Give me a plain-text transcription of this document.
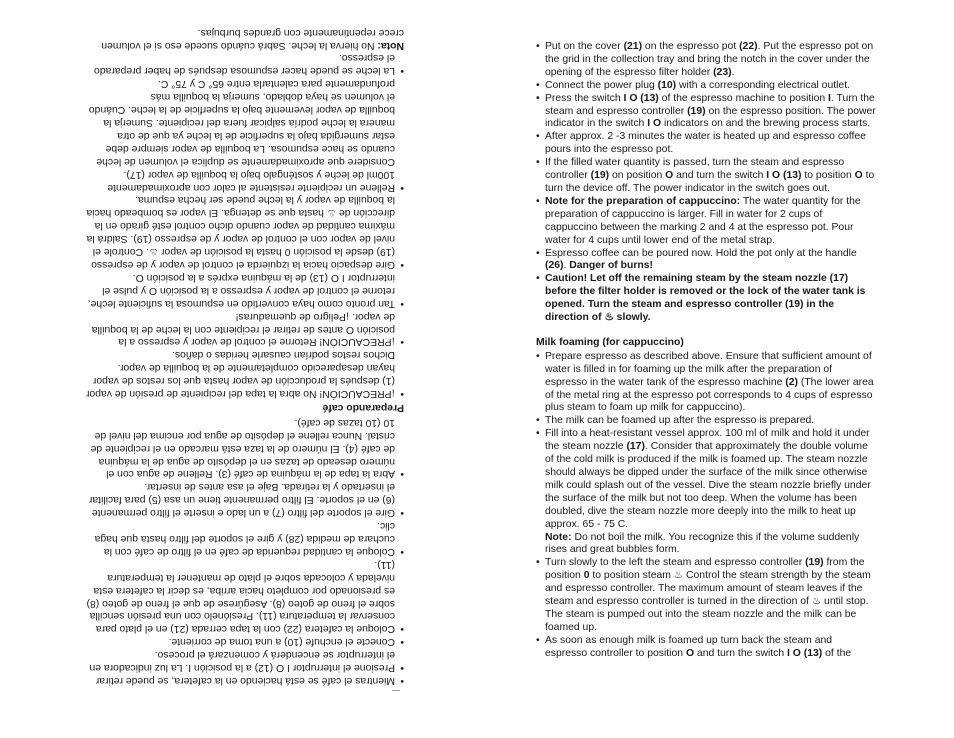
• Mientras el café se está haciendo en la cafetera, se puede retirar
• Presione el interruptor I O (12) a la posición I. La luz indicadora en el interruptor se encenderá y comenzará el proceso.
• Conecte el enchufe (10) a una toma de corriente.
• Coloque la cafetera (22) con la tapa cerrada (21) en el plato para conservar la temperatura (11). Presiónelo con una presión sencilla sobre el freno de goteo (8). Asegúrese de que el freno de goteo (8) es presionado por completo hacia arriba, es decir la cafetera esta nivelada y colocada sobre el plato de mantener la temperatura (11).
• Coloque la cantidad requerida de café en el filtro de café con la cuchara de medida (28) y gire el soporte del filtro hasta que haga clic.
• Gire el soporte del filtro (7) a un lado e inserte el filtro permanente (6) en el soporte. El filtro permanente tiene un asa (5) para facilitar el insertado y la retirada. Baje el asa antes de insertar.
• Abra la tapa de la máquina de café (3). Rellene de agua con el número deseado de tazas en el depósito de agua de la máquina de café (4). El número de la taza está marcado en el recipiente de cristal. Nunca rellene el depósito de agua por encima del nivel de 10 (10 tazas de café).
Preparando café
• ¡PRECAUCIÓN! No abra la tapa del recipiente de presión de vapor (1) después la producción de vapor hasta que los restos de vapor hayan desaparecido completamente de la boquilla de vapor. Dichos restos podrían causarle heridas o daños.
• ¡PRECAUCIÓN! Retorne el control de vapor y espresso a la posición O antes de retirar el recipiente con la leche de la boquilla de vapor. ¡Peligro de quemaduras!
• Tan pronto como haya convertido en espumosa la suficiente leche, retorne el control de vapor y espresso a la posición O y pulse el interruptor I O (13) de la máquina exprés a la posición O.
• Gire despacio hacia la izquierda el control de vapor y de espresso (19) desde la posición 0 hasta la posición de vapor ♨. Controle el nivel de vapor con el control de vapor y de espresso (19). Saldrá la máxima cantidad de vapor cuando dicho control esté girado en la dirección de ♨ hasta que se detenga. El vapor es bombeado hacia la boquilla de vapor y la leche puede ser hecha espuma.
• Rellene un recipiente resistente al calor con aproximadamente 100ml de leche y sosténgalo bajo la boquilla de vapor (17). Considere que aproximadamente se duplica el volumen de leche cuando se hace espumosa. La boquilla de vapor siempre debe estar sumergida bajo la superficie de la leche ya que de otra manera la leche podría salpicar fuera del recipiente. Sumerja la boquilla de vapor levemente bajo la superficie de la leche. Cuándo el volumen se haya doblado, sumerja la boquilla más profundamente para calentarla entre 65° C y 75° C.
• La leche se puede hacer espumosa después de haber preparado el espresso.

Nota: No hierva la leche. Sabrá cuándo sucede eso si el volumen crece repentinamente con grandes burbujas.

• Put on the cover (21) on the espresso pot (22). Put the espresso pot on the grid in the collection tray and bring the notch in the cover under the opening of the espresso filter holder (23).
• Connect the power plug (10) with a corresponding electrical outlet.
• Press the switch I O (13) of the espresso machine to position I. Turn the steam and espresso controller (19) on the espresso position. The power indicator in the switch I O indicators on and the brewing process starts.
• After approx. 2 -3 minutes the water is heated up and espresso coffee pours into the espresso pot.
• If the filled water quantity is passed, turn the steam and espresso controller (19) on position O and turn the switch I O (13) to position O to turn the device off. The power indicator in the switch goes out.
• Note for the preparation of cappuccino: The water quantity for the preparation of cappuccino is larger. Fill in water for 2 cups of cappuccino between the marking 2 and 4 at the espresso pot. Pour water for 4 cups until lower end of the metal strap.
• Espresso coffee can be poured now. Hold the pot only at the handle (26). Danger of burns!
• Caution! Let off the remaining steam by the steam nozzle (17) before the filter holder is removed or the lock of the water tank is opened. Turn the steam and espresso controller (19) in the direction of ♨ slowly.
Milk foaming (for cappuccino)
• Prepare espresso as described above. Ensure that sufficient amount of water is filled in for foaming up the milk after the preparation of espresso in the water tank of the espresso machine (2) (The lower area of the metal ring at the espresso pot corresponds to 4 cups of espresso plus steam to foam up milk for cappuccino).
• The milk can be foamed up after the espresso is prepared.
• Fill into a heat-resistant vessel approx. 100 ml of milk and hold it under the steam nozzle (17). Consider that approximately the double volume of the cold milk is produced if the milk is foamed up. The steam nozzle should always be dipped under the surface of the milk since otherwise milk could splash out of the vessel. Dive the steam nozzle briefly under the surface of the milk but not too deep. When the volume has been doubled, dive the steam nozzle more deeply into the milk to heat up approx. 65 - 75 C.
Note: Do not boil the milk. You recognize this if the volume suddenly rises and great bubbles form.
• Turn slowly to the left the steam and espresso controller (19) from the position 0 to position steam ♨ Control the steam strength by the steam and espresso controller. The maximum amount of steam leaves if the steam and espresso controller is turned in the direction of ♨ until stop. The steam is pumped out into the steam nozzle and the milk can be foamed up.
• As soon as enough milk is foamed up turn back the steam and espresso controller to position O and turn the switch I O (13) of the
